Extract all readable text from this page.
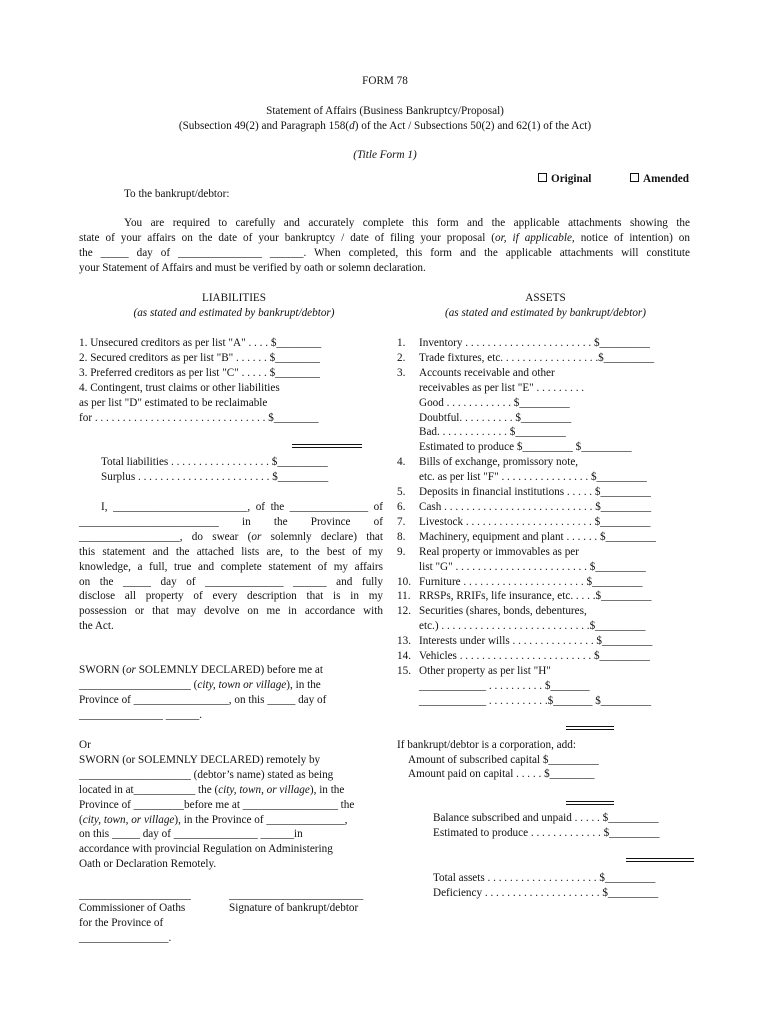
FORM 78
Statement of Affairs (Business Bankruptcy/Proposal)
(Subsection 49(2) and Paragraph 158(d) of the Act / Subsections 50(2) and 62(1) of the Act)
(Title Form 1)
Original	Amended
To the bankrupt/debtor:
You are required to carefully and accurately complete this form and the applicable attachments showing the
state of your affairs on the date of your bankruptcy / date of filing your proposal (or, if applicable, notice of intention) on
the _____ day of _______________ ______. When completed, this form and the applicable attachments will constitute
your Statement of Affairs and must be verified by oath or solemn declaration.
LIABILITIES
(as stated and estimated by bankrupt/debtor)
1. Unsecured creditors as per list "A" . . . . $________
2. Secured creditors as per list "B" . . . . . . $________
3. Preferred creditors as per list "C" . . . . . $________
4. Contingent, trust claims or other liabilities
as per list "D" estimated to be reclaimable
for . . . . . . . . . . . . . . . . . . . . . . . . . . . . . . . $________
Total liabilities . . . . . . . . . . . . . . . . . . $_________
Surplus . . . . . . . . . . . . . . . . . . . . . . . . $_________
I, ________________________, of the ______________ of
_________________________ in the Province of
__________________, do swear (or solemnly declare) that
this statement and the attached lists are, to the best of my
knowledge, a full, true and complete statement of my affairs
on the _____ day of ______________ ______ and fully
disclose all property of every description that is in my
possession or that may devolve on me in accordance with
the Act.
SWORN (or SOLEMNLY DECLARED) before me at
____________________ (city, town or village), in the
Province of _________________, on this _____ day of
_______________ ______.
Or
SWORN (or SOLEMNLY DECLARED) remotely by
____________________ (debtor’s name) stated as being
located in at___________ the (city, town, or village), in the
Province of _________before me at _________________ the
(city, town, or village), in the Province of ______________,
on this _____ day of _______________ ______in
accordance with provincial Regulation on Administering
Oath or Declaration Remotely.
____________________
Commissioner of Oaths
for the Province of
________________.
________________________
Signature of bankrupt/debtor
ASSETS
(as stated and estimated by bankrupt/debtor)
1. Inventory . . . . . . . . . . . . . . . . . . . . . . . $_________
2. Trade fixtures, etc. . . . . . . . . . . . . . . . . .$_________
3. Accounts receivable and other
receivables as per list "E" . . . . . . . . .
Good . . . . . . . . . . . . $_________
Doubtful. . . . . . . . . . $_________
Bad. . . . . . . . . . . . . $_________
Estimated to produce $_________ $_________
4. Bills of exchange, promissory note,
etc. as per list "F" . . . . . . . . . . . . . . . . $_________
5. Deposits in financial institutions . . . . . $_________
6. Cash . . . . . . . . . . . . . . . . . . . . . . . . . . . $_________
7. Livestock . . . . . . . . . . . . . . . . . . . . . . . $_________
8. Machinery, equipment and plant . . . . . . $_________
9. Real property or immovables as per
list "G" . . . . . . . . . . . . . . . . . . . . . . . . $_________
10. Furniture . . . . . . . . . . . . . . . . . . . . . . $_________
11. RRSPs, RRIFs, life insurance, etc. . . . .$_________
12. Securities (shares, bonds, debentures,
etc.) . . . . . . . . . . . . . . . . . . . . . . . . . . .$_________
13. Interests under wills . . . . . . . . . . . . . . . $_________
14. Vehicles . . . . . . . . . . . . . . . . . . . . . . . . $_________
15. Other property as per list "H"
____________ . . . . . . . . . . $_______
____________ . . . . . . . . . . .$_______ $_________
If bankrupt/debtor is a corporation, add:
Amount of subscribed capital $_________
Amount paid on capital . . . . . $________
Balance subscribed and unpaid . . . . . $_________
Estimated to produce . . . . . . . . . . . . . $_________
Total assets . . . . . . . . . . . . . . . . . . . . $_________
Deficiency . . . . . . . . . . . . . . . . . . . . . $_________
